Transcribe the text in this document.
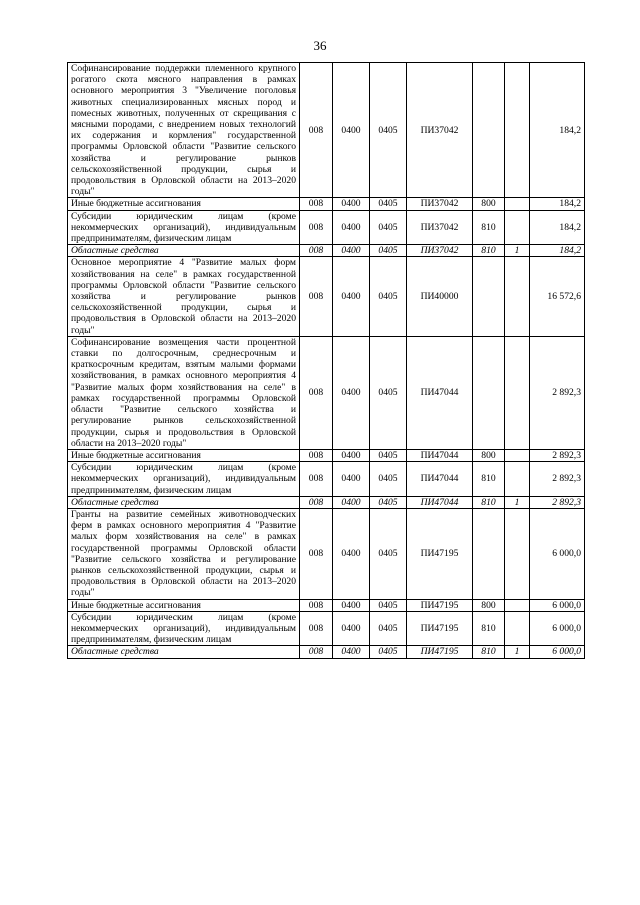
36
Софинансирование поддержки племенного крупного рогатого скота мясного направления в рамках основного мероприятия 3 "Увеличение поголовья животных специализированных мясных пород и помесных животных, полученных от скрещивания с мясными породами, с внедрением новых технологий их содержания и кормления" государственной программы Орловской области "Развитие сельского хозяйства и регулирование рынков сельскохозяйственной продукции, сырья и продовольствия в Орловской области на 2013–2020 годы"	008	0400	0405	ПИ37042			184,2
Иные бюджетные ассигнования	008	0400	0405	ПИ37042	800		184,2
Субсидии юридическим лицам (кроме некоммерческих организаций), индивидуальным предпринимателям, физическим лицам	008	0400	0405	ПИ37042	810		184,2
Областные средства	008	0400	0405	ПИ37042	810	1	184,2
Основное мероприятие 4 "Развитие малых форм хозяйствования на селе" в рамках государственной программы Орловской области "Развитие сельского хозяйства и регулирование рынков сельскохозяйственной продукции, сырья и продовольствия в Орловской области на 2013–2020 годы"	008	0400	0405	ПИ40000			16 572,6
Софинансирование возмещения части процентной ставки по долгосрочным, среднесрочным и краткосрочным кредитам, взятым малыми формами хозяйствования, в рамках основного мероприятия 4 "Развитие малых форм хозяйствования на селе" в рамках государственной программы Орловской области "Развитие сельского хозяйства и регулирование рынков сельскохозяйственной продукции, сырья и продовольствия в Орловской области на 2013–2020 годы"	008	0400	0405	ПИ47044			2 892,3
Иные бюджетные ассигнования	008	0400	0405	ПИ47044	800		2 892,3
Субсидии юридическим лицам (кроме некоммерческих организаций), индивидуальным предпринимателям, физическим лицам	008	0400	0405	ПИ47044	810		2 892,3
Областные средства	008	0400	0405	ПИ47044	810	1	2 892,3
Гранты на развитие семейных животноводческих ферм в рамках основного мероприятия 4 "Развитие малых форм хозяйствования на селе" в рамках государственной программы Орловской области "Развитие сельского хозяйства и регулирование рынков сельскохозяйственной продукции, сырья и продовольствия в Орловской области на 2013–2020 годы"	008	0400	0405	ПИ47195			6 000,0
Иные бюджетные ассигнования	008	0400	0405	ПИ47195	800		6 000,0
Субсидии юридическим лицам (кроме некоммерческих организаций), индивидуальным предпринимателям, физическим лицам	008	0400	0405	ПИ47195	810		6 000,0
Областные средства	008	0400	0405	ПИ47195	810	1	6 000,0
